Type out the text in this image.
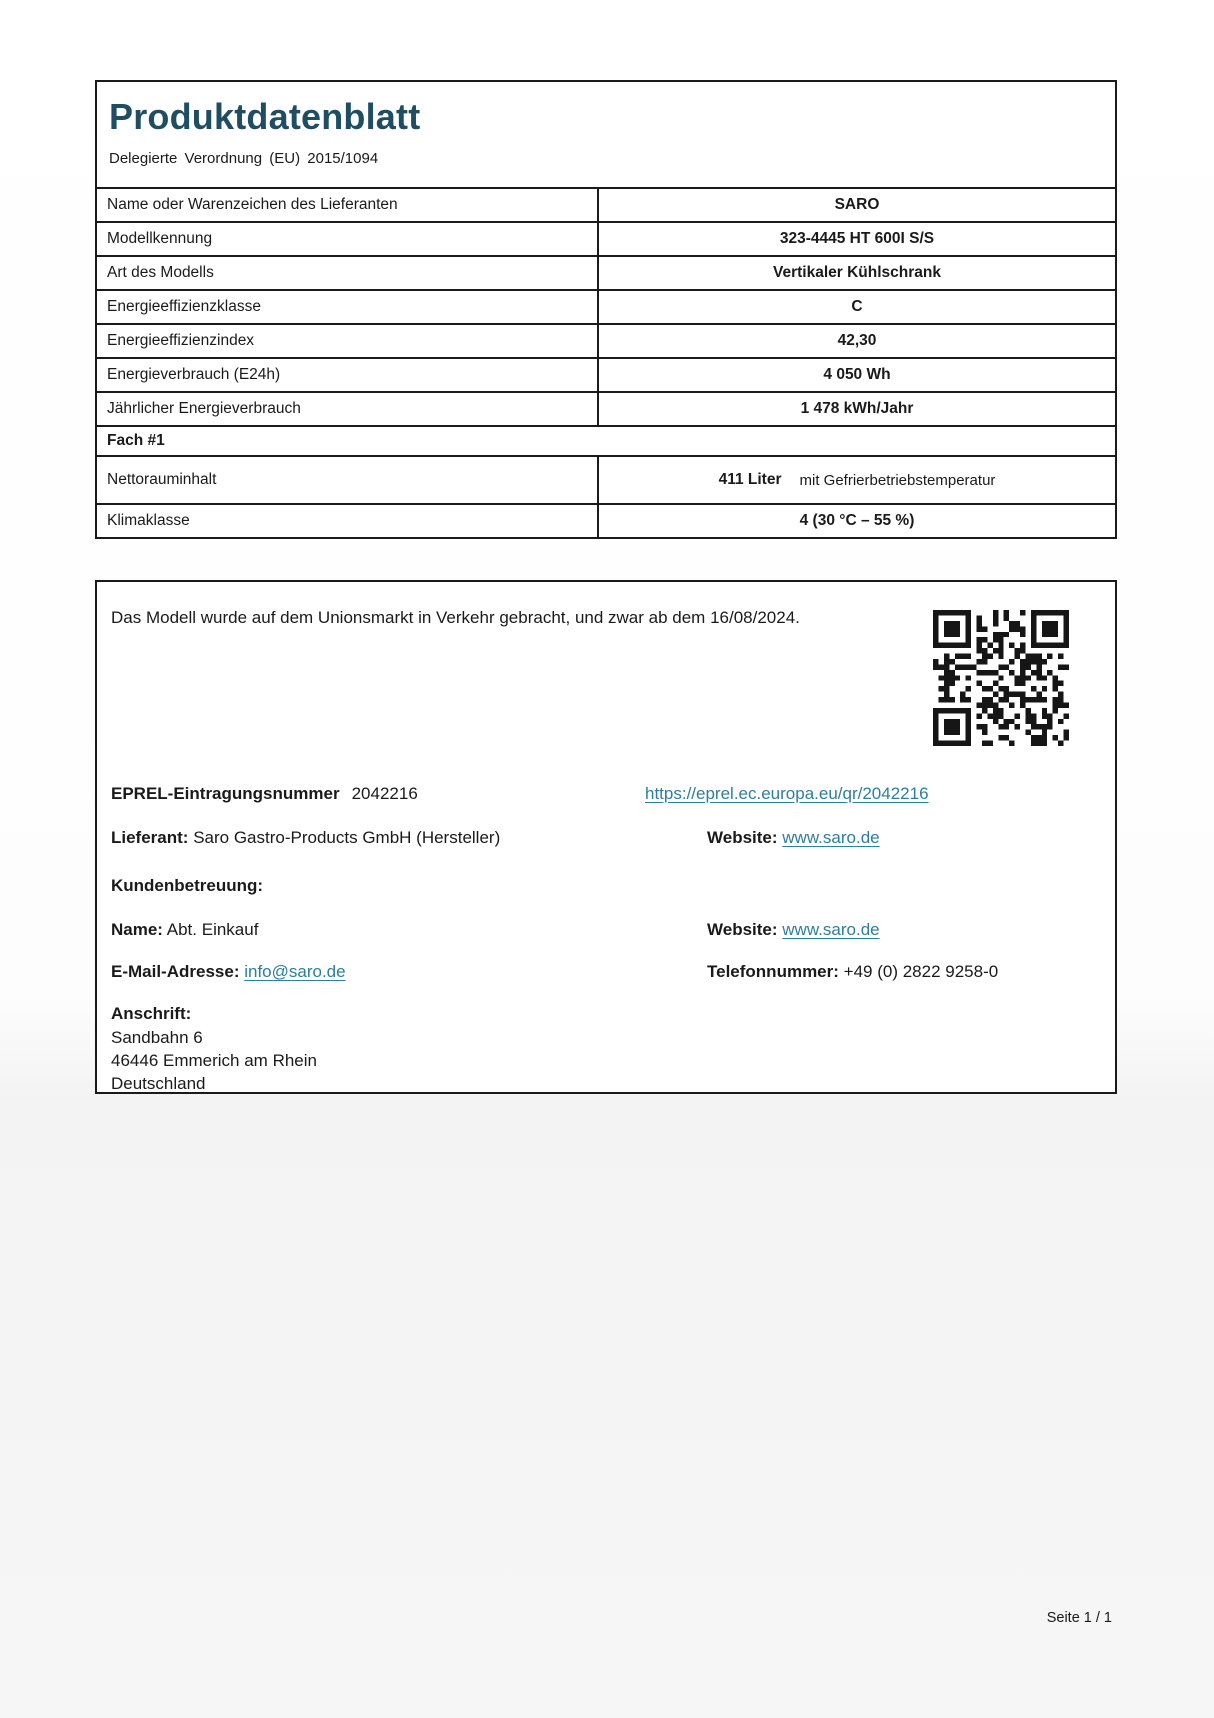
Produktdatenblatt
Delegierte Verordnung (EU) 2015/1094
Name oder Warenzeichen des Lieferanten	SARO
Modellkennung	323-4445 HT 600I S/S
Art des Modells	Vertikaler Kühlschrank
Energieeffizienzklasse	C
Energieeffizienzindex	42,30
Energieverbrauch (E24h)	4 050 Wh
Jährlicher Energieverbrauch	1 478 kWh/Jahr
Fach #1
Nettorauminhalt	411 Liter mit Gefrierbetriebstemperatur
Klimaklasse	4 (30 °C – 55 %)
Das Modell wurde auf dem Unionsmarkt in Verkehr gebracht, und zwar ab dem 16/08/2024.
EPREL-Eintragungsnummer 2042216	https://eprel.ec.europa.eu/qr/2042216
Lieferant: Saro Gastro-Products GmbH (Hersteller)	Website: www.saro.de
Kundenbetreuung:
Name: Abt. Einkauf	Website: www.saro.de
E-Mail-Adresse: info@saro.de	Telefonnummer: +49 (0) 2822 9258-0
Anschrift:
Sandbahn 6
46446 Emmerich am Rhein
Deutschland
Seite 1 / 1
